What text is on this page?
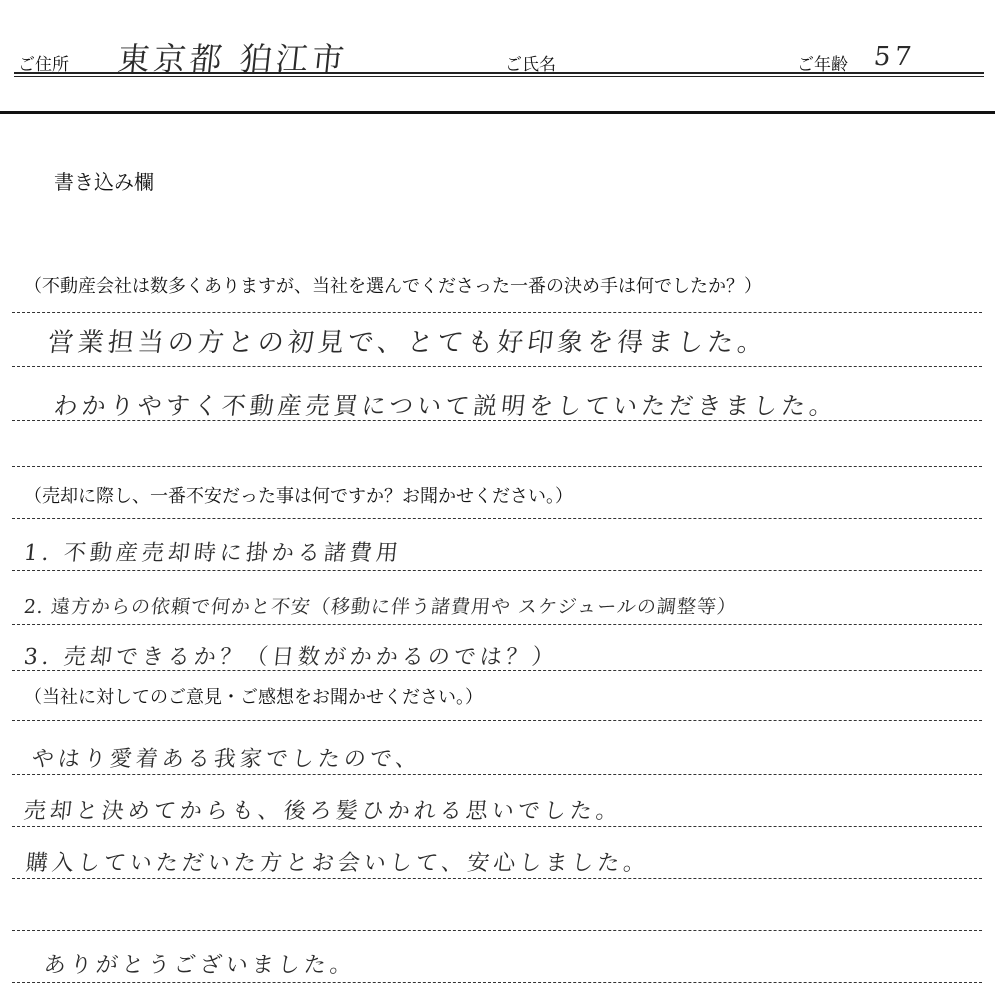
ご住所 東京都 狛江市	ご氏名	ご年齢 57
書き込み欄
（不動産会社は数多くありますが、当社を選んでくださった一番の決め手は何でしたか？）
営業担当の方との初見で、とても好印象を得ました。
わかりやすく不動産売買について説明をしていただきました。
（売却に際し、一番不安だった事は何ですか？お聞かせください。）
1. 不動産売却時に掛かる諸費用
2. 遠方からの依頼で何かと不安（移動に伴う諸費用や スケジュールの調整等）
3. 売却できるか？（日数がかかるのでは？）
（当社に対してのご意見・ご感想をお聞かせください。）
やはり愛着ある我家でしたので、
売却と決めてからも、後ろ髪ひかれる思いでした。
購入していただいた方とお会いして、安心しました。
ありがとうございました。
